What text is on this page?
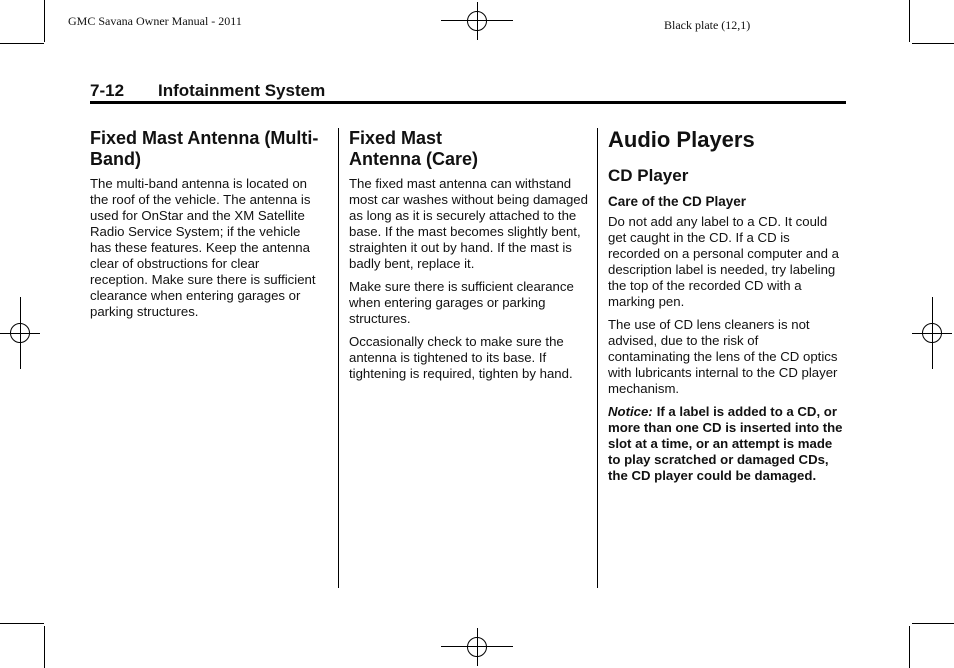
GMC Savana Owner Manual - 2011	Black plate (12,1)
7-12 Infotainment System
Fixed Mast Antenna (Multi-Band)

The multi-band antenna is located on the roof of the vehicle. The antenna is used for OnStar and the XM Satellite Radio Service System; if the vehicle has these features. Keep the antenna clear of obstructions for clear reception. Make sure there is sufficient clearance when entering garages or parking structures.

Fixed Mast Antenna (Care)

The fixed mast antenna can withstand most car washes without being damaged as long as it is securely attached to the base. If the mast becomes slightly bent, straighten it out by hand. If the mast is badly bent, replace it.

Make sure there is sufficient clearance when entering garages or parking structures.

Occasionally check to make sure the antenna is tightened to its base. If tightening is required, tighten by hand.

Audio Players
CD Player
Care of the CD Player

Do not add any label to a CD. It could get caught in the CD. If a CD is recorded on a personal computer and a description label is needed, try labeling the top of the recorded CD with a marking pen.

The use of CD lens cleaners is not advised, due to the risk of contaminating the lens of the CD optics with lubricants internal to the CD player mechanism.

Notice: If a label is added to a CD, or more than one CD is inserted into the slot at a time, or an attempt is made to play scratched or damaged CDs, the CD player could be damaged.
